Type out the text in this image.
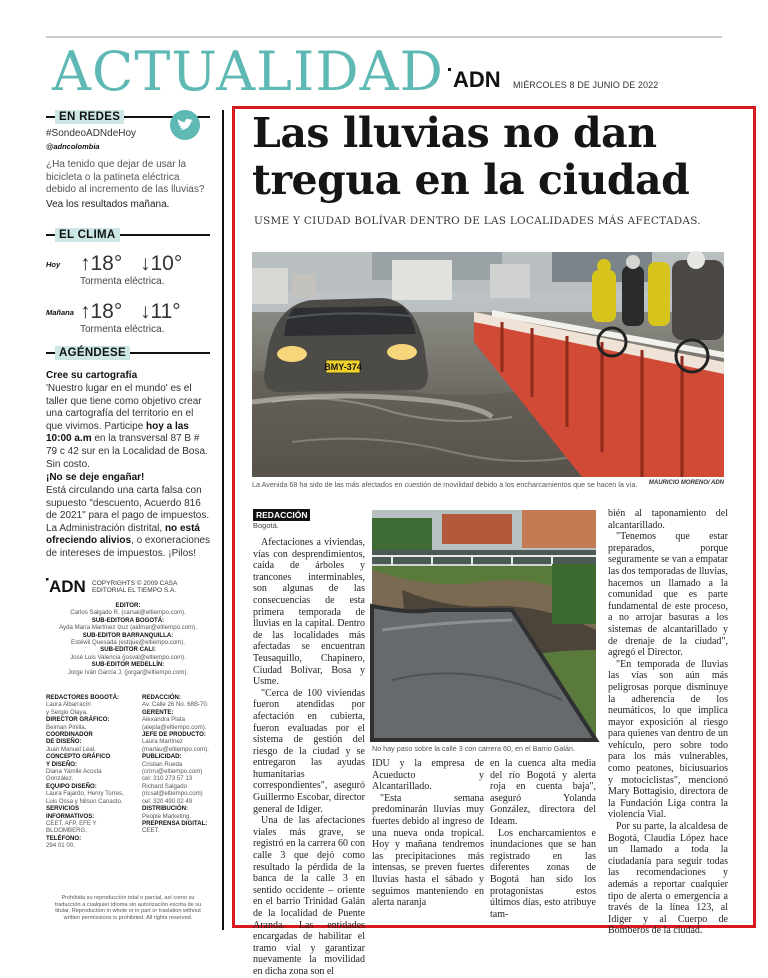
ACTUALIDAD ADN MIÉRCOLES 8 DE JUNIO DE 2022
EN REDES
#SondeoADNdeHoy
@adncolombia
¿Ha tenido que dejar de usar la bicicleta o la patineta eléctrica debido al incremento de las lluvias?
Vea los resultados mañana.
EL CLIMA
Hoy ↑18° ↓10°
Tormenta eléctrica.
Mañana ↑18° ↓11°
Tormenta eléctrica.
AGÉNDESE
Cree su cartografía
'Nuestro lugar en el mundo' es el taller que tiene como objetivo crear una cartografía del territorio en el que vivimos. Participe hoy a las 10:00 a.m en la transversal 87 B # 79 c 42 sur en la Localidad de Bosa. Sin costo.
¡No se deje engañar!
Está circulando una carta falsa con supuesto "descuento, Acuerdo 816 de 2021" para el pago de impuestos. La Administración distrital, no está ofreciendo alivios, o exoneraciones de intereses de impuestos. ¡Pilos!
ADN COPYRIGHTS © 2009 CASA EDITORIAL EL TIEMPO S.A.
EDITOR:
Carlos Salgado R. (carsal@eltiempo.com).
SUB-EDITORA BOGOTÁ:
Ayda María Martínez Izuz (aidmar@eltiempo.com).
SUB-EDITOR BARRANQUILLA:
Estéwil Quesada (estque@eltiempo.com).
SUB-EDITOR CALI:
José Luis Valencia (josval@eltiempo.com).
SUB-EDITOR MEDELLÍN:
Jorge Iván García J. (jorgar@eltiempo.com).
REDACTORES BOGOTÁ:
Laura Albarracín
y Sergio Olaya.
DIRECTOR GRÁFICO:
Beiman Pinilla.
COORDINADOR
DE DISEÑO:
Juan Manuel Leal.
CONCEPTO GRÁFICO
Y DISEÑO:
Diana Yamile Acosta González.
EQUIPO DISEÑO:
Laura Fajardo, Henry Torres,
Luis Ossa y Nilson Canasto.
SERVICIOS
INFORMATIVOS:
CEET, AFP, EFE Y BLOOMBERG.
TELÉFONO:
294 01 00.
REDACCIÓN:
Av. Calle 26 No. 68B-70.
GERENTE:
Alexandra Plata
(alepla@eltiempo.com).
JEFE DE PRODUCTO:
Laura Martínez
(marlau@eltiempo.com).
PUBLICIDAD:
Cristian Rueda
(crirru@eltiempo.com)
cel: 310 273 57 13
Richard Salgado
(ricsal@eltiempo.com)
cel: 320 490 02 49
DISTRIBUCIÓN:
People Marketing.
PREPRENSA DIGITAL:
CEET.
Prohibida su reproducción total o parcial, así como su traducción a cualquier idioma sin autorización escrita de su titular. Reproduction in whole or in part or traslation without written permissions is prohibited. All rights reserved.
Las lluvias no dan tregua en la ciudad
USME Y CIUDAD BOLÍVAR DENTRO DE LAS LOCALIDADES MÁS AFECTADAS.
BMY-374
La Avenida 68 ha sido de las más afectados en cuestión de movilidad debido a los encharcamientos que se hacen la vía. MAURICIO MORENO/ ADN
REDACCIÓN
Bogotá.

Afectaciones a viviendas, vías con desprendimientos, caída de árboles y trancones interminables, son algunas de las consecuencias de esta primera temporada de lluvias en la capital. Dentro de las localidades más afectadas se encuentran Teusaquillo, Chapinero, Ciudad Bolívar, Bosa y Usme.

"Cerca de 100 viviendas fueron atendidas por afectación en cubierta, fueron evaluadas por el sistema de gestión del riesgo de la ciudad y se entregaron las ayudas humanitarias correspondientes", aseguró Guillermo Escobar, director general de Idiger.

Una de las afectaciones viales más grave, se registró en la carrera 60 con calle 3 que dejó como resultado la pérdida de la banca de la calle 3 en sentido occidente – oriente en el barrio Trinidad Galán de la localidad de Puente Aranda. Las entidades encargadas de habilitar el tramo vial y garantizar nuevamente la movilidad en dicha zona son el

No hay paso sobre la calle 3 con carrera 60, en el Barrio Galán.

IDU y la empresa de Acueducto y Alcantarillado.

"Esta semana predominarán lluvias muy fuertes debido al ingreso de una nueva onda tropical. Hoy y mañana tendremos las precipitaciones más intensas, se preven fuertes lluvias hasta el sábado y seguimos manteniendo en alerta naranja

en la cuenca alta media del río Bogotá y alerta roja en cuenta baja", aseguró Yolanda González, directora del Ideam.

Los encharcamientos e inundaciones que se han registrado en las diferentes zonas de Bogotá han sido los protagonistas estos últimos días, esto atribuye tam-

bién al taponamiento del alcantarillado.

"Tenemos que estar preparados, porque seguramente se van a empatar las dos temporadas de lluvias, hacemos un llamado a la comunidad que es parte fundamental de este proceso, a no arrojar basuras a los sistemas de alcantarillado y de drenaje de la ciudad", agregó el Director.

"En temporada de lluvias las vías son aún más peligrosas porque disminuye la adherencia de los neumáticos, lo que implica mayor exposición al riesgo para quienes van dentro de un vehículo, pero sobre todo para los más vulnerables, como peatones, biciusuarios y motociclistas", mencionó Mary Bottagisio, directora de la Fundación Liga contra la violencia Vial.

Por su parte, la alcaldesa de Bogotá, Claudia López hace un llamado a toda la ciudadanía para seguir todas las recomendaciones y además a reportar cualquier tipo de alerta o emergencia a través de la línea 123, al Idiger y al Cuerpo de Bomberos de la ciudad.
